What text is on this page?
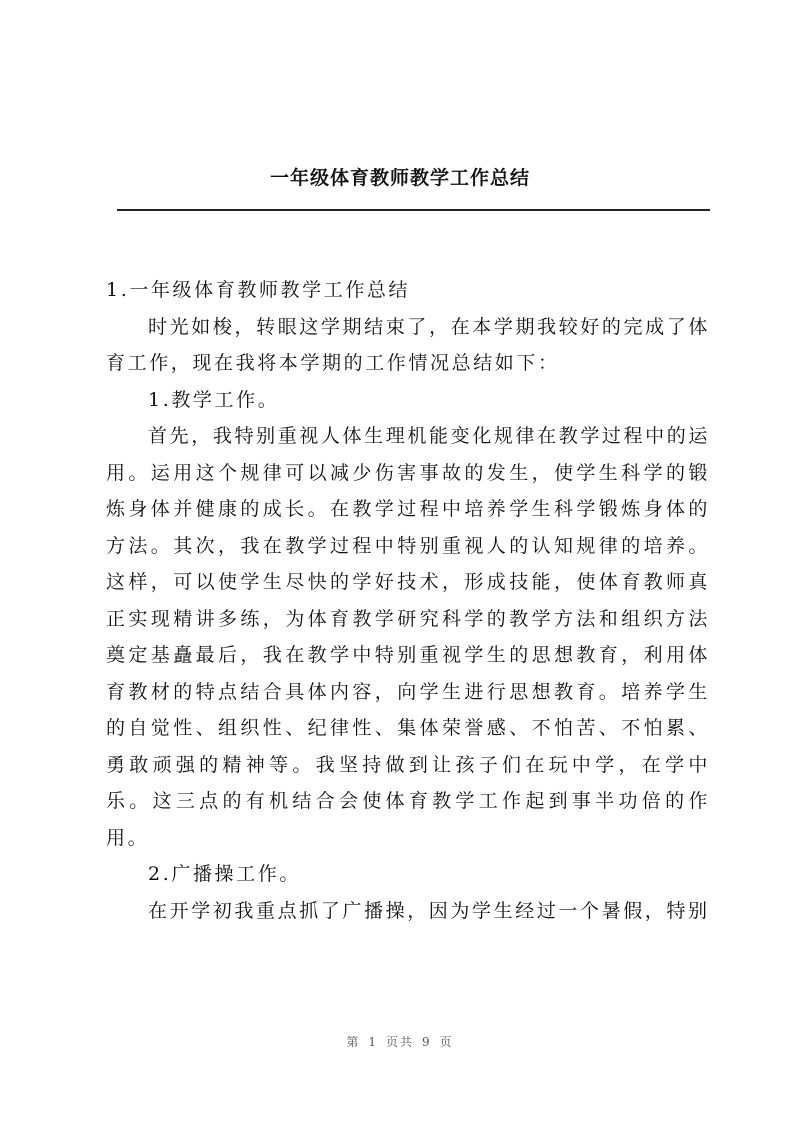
一年级体育教师教学工作总结

1.一年级体育教师教学工作总结

时光如梭，转眼这学期结束了，在本学期我较好的完成了体育工作，现在我将本学期的工作情况总结如下：

1.教学工作。

首先，我特别重视人体生理机能变化规律在教学过程中的运用。运用这个规律可以减少伤害事故的发生，使学生科学的锻炼身体并健康的成长。在教学过程中培养学生科学锻炼身体的方法。其次，我在教学过程中特别重视人的认知规律的培养。这样，可以使学生尽快的学好技术，形成技能，使体育教师真正实现精讲多练，为体育教学研究科学的教学方法和组织方法奠定基矗最后，我在教学中特别重视学生的思想教育，利用体育教材的特点结合具体内容，向学生进行思想教育。培养学生的自觉性、组织性、纪律性、集体荣誉感、不怕苦、不怕累、勇敢顽强的精神等。我坚持做到让孩子们在玩中学，在学中乐。这三点的有机结合会使体育教学工作起到事半功倍的作用。

2.广播操工作。

在开学初我重点抓了广播操，因为学生经过一个暑假，特别

第 1 页共 9 页
